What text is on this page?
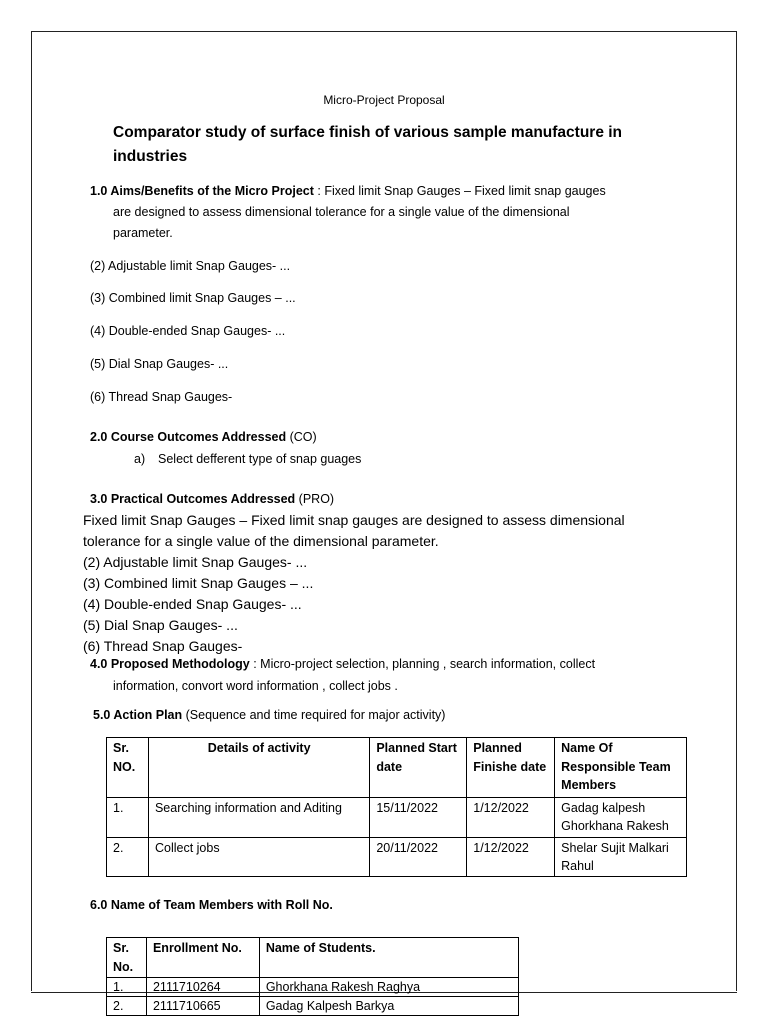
Micro-Project Proposal
Comparator study of surface finish of various sample manufacture in industries
1.0 Aims/Benefits of the Micro Project : Fixed limit Snap Gauges – Fixed limit snap gauges
are designed to assess dimensional tolerance for a single value of the dimensional
parameter.
(2) Adjustable limit Snap Gauges- ...
(3) Combined limit Snap Gauges – ...
(4) Double-ended Snap Gauges- ...
(5) Dial Snap Gauges- ...
(6) Thread Snap Gauges-
2.0 Course Outcomes Addressed (CO)
a) Select defferent type of snap guages
3.0 Practical Outcomes Addressed (PRO)
Fixed limit Snap Gauges – Fixed limit snap gauges are designed to assess dimensional
tolerance for a single value of the dimensional parameter.
(2) Adjustable limit Snap Gauges- ...
(3) Combined limit Snap Gauges – ...
(4) Double-ended Snap Gauges- ...
(5) Dial Snap Gauges- ...
(6) Thread Snap Gauges-
4.0 Proposed Methodology : Micro-project selection, planning , search information, collect
information, convort word information , collect jobs .
5.0 Action Plan (Sequence and time required for major activity)
Sr. NO.	Details of activity	Planned Start date	Planned Finishe date	Name Of Responsible Team Members
1.	Searching information and Aditing	15/11/2022	1/12/2022	Gadag kalpesh Ghorkhana Rakesh
2.	Collect jobs	20/11/2022	1/12/2022	Shelar Sujit Malkari Rahul
6.0 Name of Team Members with Roll No.
Sr. No.	Enrollment No.	Name of Students.
1.	2111710264	Ghorkhana Rakesh Raghya
2.	2111710665	Gadag Kalpesh Barkya
